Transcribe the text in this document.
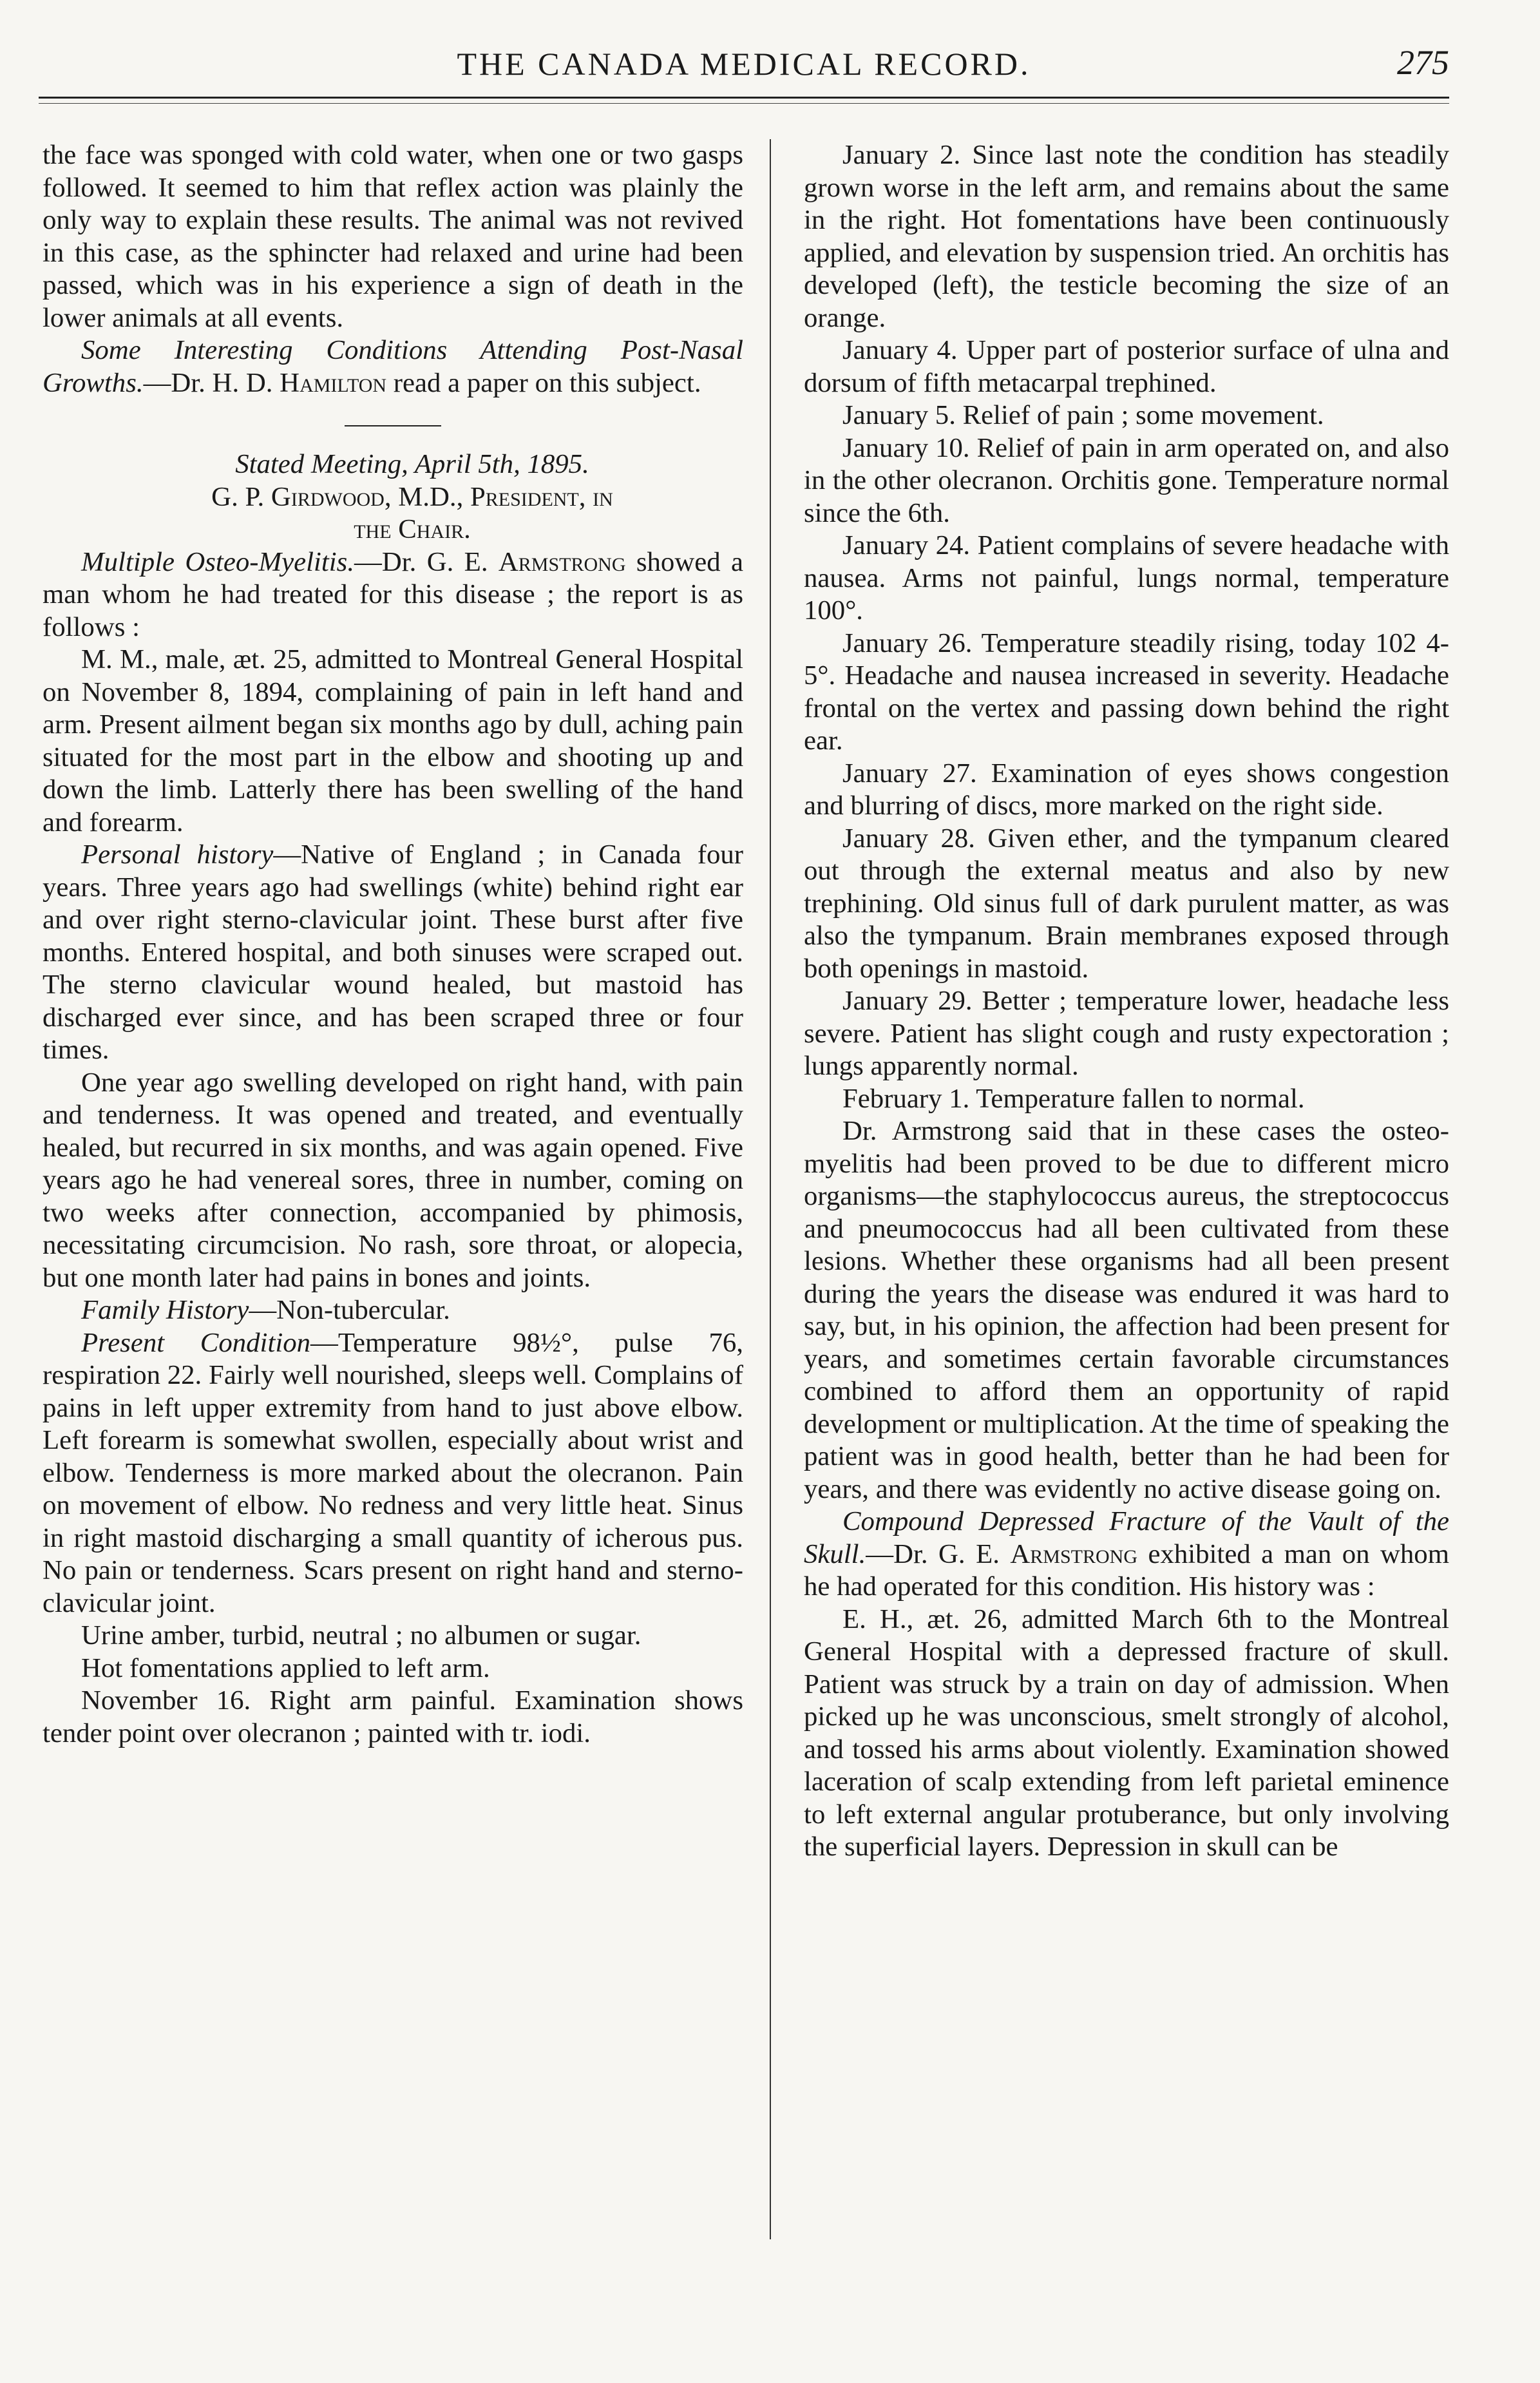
THE CANADA MEDICAL RECORD.	275

the face was sponged with cold water, when one or two gasps followed. It seemed to him that reflex action was plainly the only way to explain these results. The animal was not revived in this case, as the sphincter had relaxed and urine had been passed, which was in his experience a sign of death in the lower animals at all events.

Some Interesting Conditions Attending Post-Nasal Growths.—Dr. H. D. Hamilton read a paper on this subject.

Stated Meeting, April 5th, 1895.

G. P. Girdwood, M.D., President, in

the Chair.

Multiple Osteo-Myelitis.—Dr. G. E. Armstrong showed a man whom he had treated for this disease ; the report is as follows :

M. M., male, æt. 25, admitted to Montreal General Hospital on November 8, 1894, complaining of pain in left hand and arm. Present ailment began six months ago by dull, aching pain situated for the most part in the elbow and shooting up and down the limb. Latterly there has been swelling of the hand and forearm.

Personal history—Native of England ; in Canada four years. Three years ago had swellings (white) behind right ear and over right sterno-clavicular joint. These burst after five months. Entered hospital, and both sinuses were scraped out. The sterno clavicular wound healed, but mastoid has discharged ever since, and has been scraped three or four times.

One year ago swelling developed on right hand, with pain and tenderness. It was opened and treated, and eventually healed, but recurred in six months, and was again opened. Five years ago he had venereal sores, three in number, coming on two weeks after connection, accompanied by phimosis, necessitating circumcision. No rash, sore throat, or alopecia, but one month later had pains in bones and joints.

Family History—Non-tubercular.

Present Condition—Temperature 98½°, pulse 76, respiration 22. Fairly well nourished, sleeps well. Complains of pains in left upper extremity from hand to just above elbow. Left forearm is somewhat swollen, especially about wrist and elbow. Tenderness is more marked about the olecranon. Pain on movement of elbow. No redness and very little heat. Sinus in right mastoid discharging a small quantity of icherous pus. No pain or tenderness. Scars present on right hand and sterno-clavicular joint.

Urine amber, turbid, neutral ; no albumen or sugar.

Hot fomentations applied to left arm.

November 16. Right arm painful. Examination shows tender point over olecranon ; painted with tr. iodi.

January 2. Since last note the condition has steadily grown worse in the left arm, and remains about the same in the right. Hot fomentations have been continuously applied, and elevation by suspension tried. An orchitis has developed (left), the testicle becoming the size of an orange.

January 4. Upper part of posterior surface of ulna and dorsum of fifth metacarpal trephined.

January 5. Relief of pain ; some movement.

January 10. Relief of pain in arm operated on, and also in the other olecranon. Orchitis gone. Temperature normal since the 6th.

January 24. Patient complains of severe headache with nausea. Arms not painful, lungs normal, temperature 100°.

January 26. Temperature steadily rising, today 102 4-5°. Headache and nausea increased in severity. Headache frontal on the vertex and passing down behind the right ear.

January 27. Examination of eyes shows congestion and blurring of discs, more marked on the right side.

January 28. Given ether, and the tympanum cleared out through the external meatus and also by new trephining. Old sinus full of dark purulent matter, as was also the tympanum. Brain membranes exposed through both openings in mastoid.

January 29. Better ; temperature lower, headache less severe. Patient has slight cough and rusty expectoration ; lungs apparently normal.

February 1. Temperature fallen to normal.

Dr. Armstrong said that in these cases the osteo-myelitis had been proved to be due to different micro organisms—the staphylococcus aureus, the streptococcus and pneumococcus had all been cultivated from these lesions. Whether these organisms had all been present during the years the disease was endured it was hard to say, but, in his opinion, the affection had been present for years, and sometimes certain favorable circumstances combined to afford them an opportunity of rapid development or multiplication. At the time of speaking the patient was in good health, better than he had been for years, and there was evidently no active disease going on.

Compound Depressed Fracture of the Vault of the Skull.—Dr. G. E. Armstrong exhibited a man on whom he had operated for this condition. His history was :

E. H., æt. 26, admitted March 6th to the Montreal General Hospital with a depressed fracture of skull. Patient was struck by a train on day of admission. When picked up he was unconscious, smelt strongly of alcohol, and tossed his arms about violently. Examination showed laceration of scalp extending from left parietal eminence to left external angular protuberance, but only involving the superficial layers. Depression in skull can be
